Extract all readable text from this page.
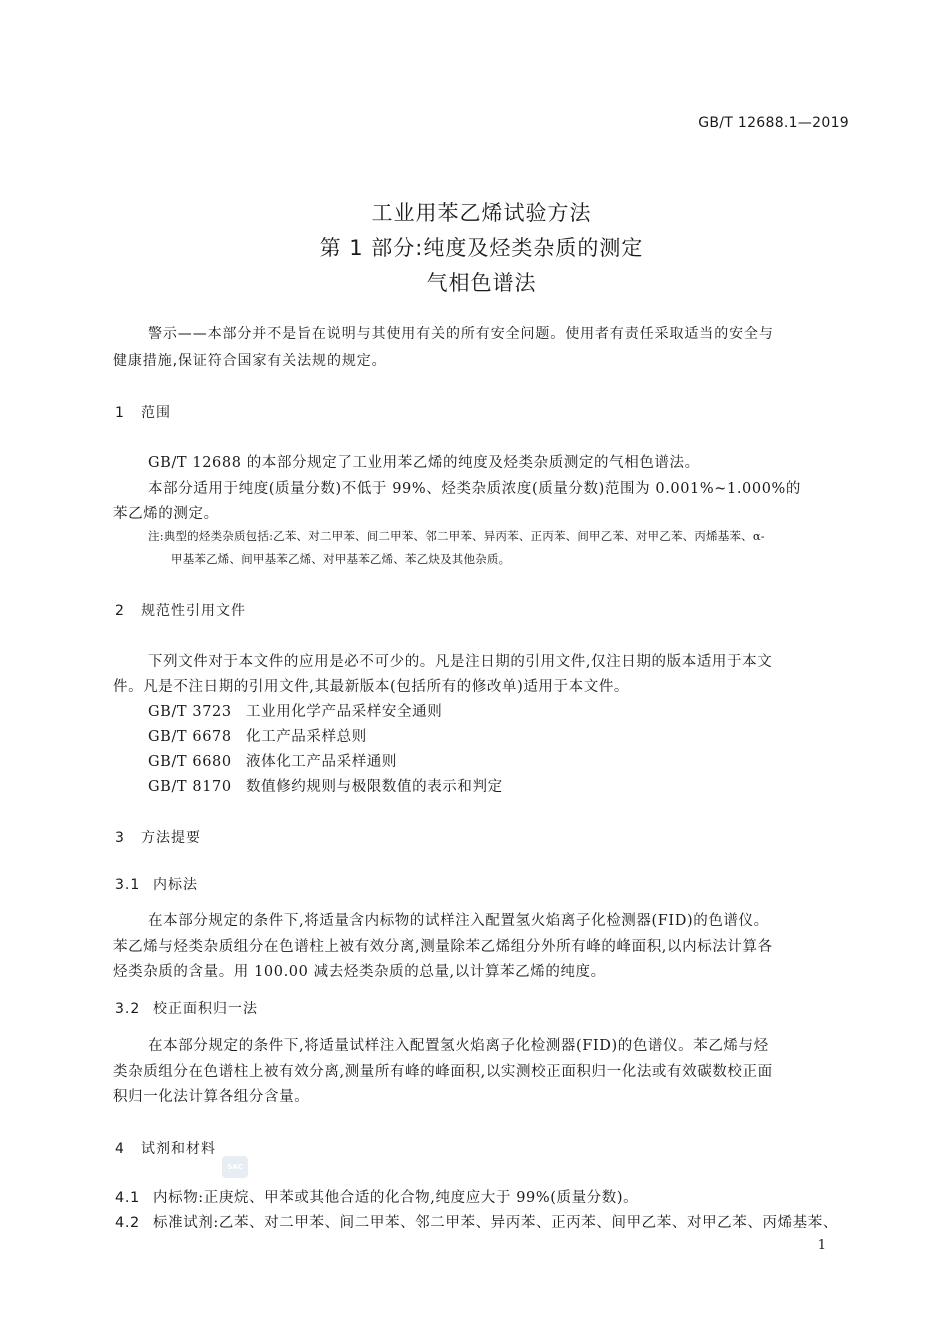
GB/T 12688.1—2019
工业用苯乙烯试验方法
第 1 部分:纯度及烃类杂质的测定
气相色谱法
警示——本部分并不是旨在说明与其使用有关的所有安全问题。使用者有责任采取适当的安全与
健康措施,保证符合国家有关法规的规定。
1 范围
GB/T 12688 的本部分规定了工业用苯乙烯的纯度及烃类杂质测定的气相色谱法。
本部分适用于纯度(质量分数)不低于 99%、烃类杂质浓度(质量分数)范围为 0.001%~1.000%的
苯乙烯的测定。
注:典型的烃类杂质包括:乙苯、对二甲苯、间二甲苯、邻二甲苯、异丙苯、正丙苯、间甲乙苯、对甲乙苯、丙烯基苯、α-
甲基苯乙烯、间甲基苯乙烯、对甲基苯乙烯、苯乙炔及其他杂质。
2 规范性引用文件
下列文件对于本文件的应用是必不可少的。凡是注日期的引用文件,仅注日期的版本适用于本文
件。凡是不注日期的引用文件,其最新版本(包括所有的修改单)适用于本文件。
GB/T 3723 工业用化学产品采样安全通则
GB/T 6678 化工产品采样总则
GB/T 6680 液体化工产品采样通则
GB/T 8170 数值修约规则与极限数值的表示和判定
3 方法提要
3.1 内标法
在本部分规定的条件下,将适量含内标物的试样注入配置氢火焰离子化检测器(FID)的色谱仪。
苯乙烯与烃类杂质组分在色谱柱上被有效分离,测量除苯乙烯组分外所有峰的峰面积,以内标法计算各
烃类杂质的含量。用 100.00 减去烃类杂质的总量,以计算苯乙烯的纯度。
3.2 校正面积归一法
在本部分规定的条件下,将适量试样注入配置氢火焰离子化检测器(FID)的色谱仪。苯乙烯与烃
类杂质组分在色谱柱上被有效分离,测量所有峰的峰面积,以实测校正面积归一化法或有效碳数校正面
积归一化法计算各组分含量。
4 试剂和材料
SAC
4.1 内标物:正庚烷、甲苯或其他合适的化合物,纯度应大于 99%(质量分数)。
4.2 标准试剂:乙苯、对二甲苯、间二甲苯、邻二甲苯、异丙苯、正丙苯、间甲乙苯、对甲乙苯、丙烯基苯、
1
